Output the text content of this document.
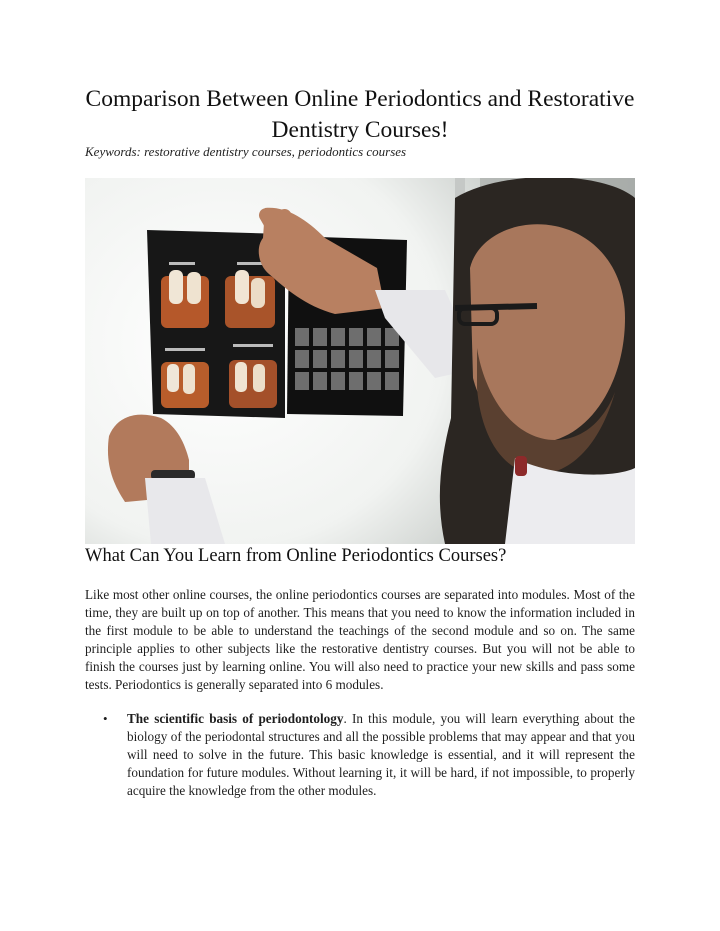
Comparison Between Online Periodontics and Restorative Dentistry Courses!

Keywords: restorative dentistry courses, periodontics courses

What Can You Learn from Online Periodontics Courses?

Like most other online courses, the online periodontics courses are separated into modules. Most of the time, they are built up on top of another. This means that you need to know the information included in the first module to be able to understand the teachings of the second module and so on. The same principle applies to other subjects like the restorative dentistry courses. But you will not be able to finish the courses just by learning online. You will also need to practice your new skills and pass some tests. Periodontics is generally separated into 6 modules.

• The scientific basis of periodontology. In this module, you will learn everything about the biology of the periodontal structures and all the possible problems that may appear and that you will need to solve in the future. This basic knowledge is essential, and it will represent the foundation for future modules. Without learning it, it will be hard, if not impossible, to properly acquire the knowledge from the other modules.
